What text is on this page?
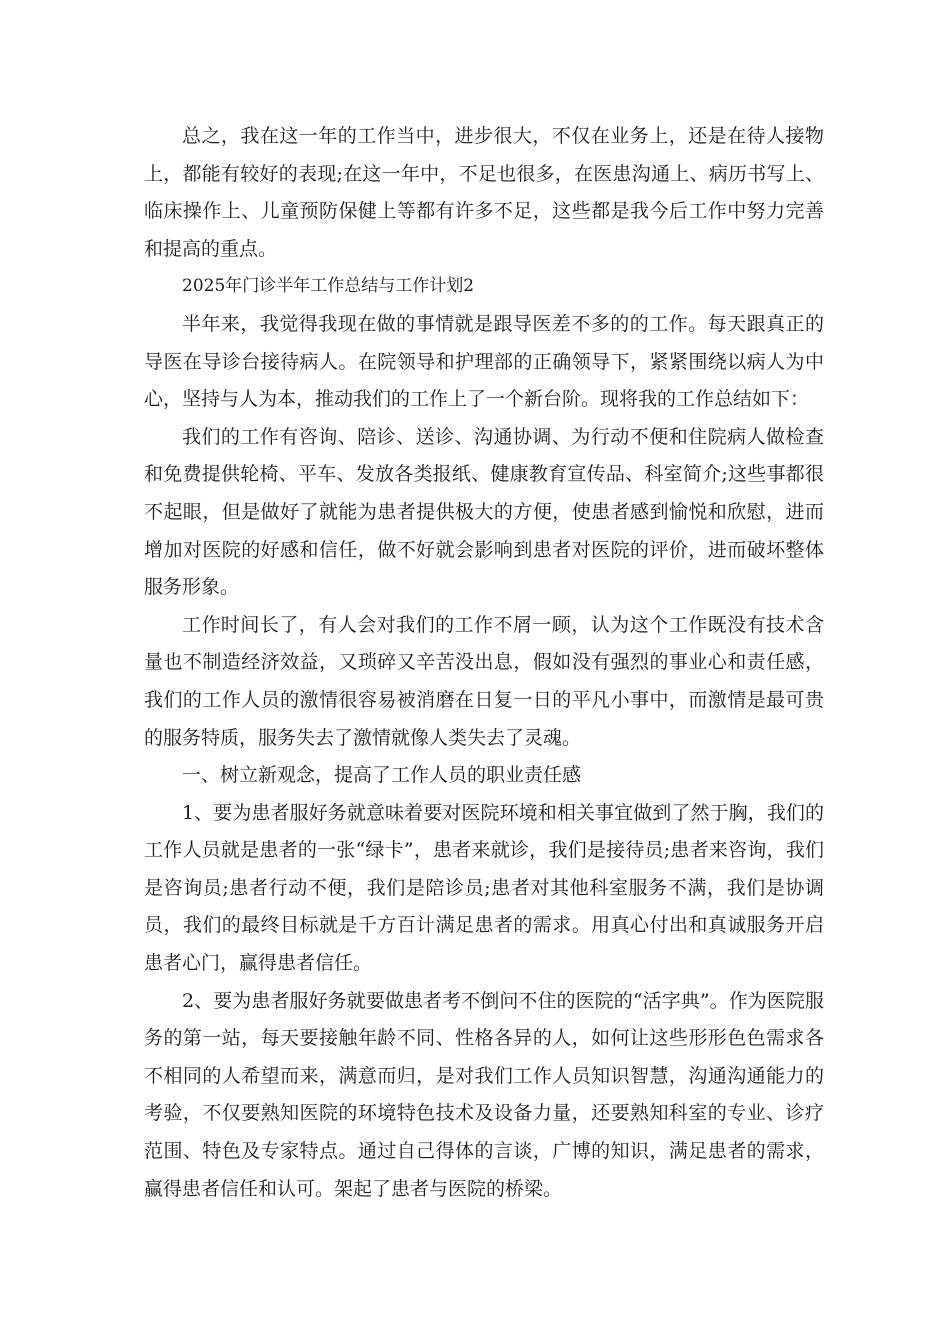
总之，我在这一年的工作当中，进步很大，不仅在业务上，还是在待人接物上，都能有较好的表现;在这一年中，不足也很多，在医患沟通上、病历书写上、临床操作上、儿童预防保健上等都有许多不足，这些都是我今后工作中努力完善和提高的重点。

2025年门诊半年工作总结与工作计划2

半年来，我觉得我现在做的事情就是跟导医差不多的的工作。每天跟真正的导医在导诊台接待病人。在院领导和护理部的正确领导下，紧紧围绕以病人为中心，坚持与人为本，推动我们的工作上了一个新台阶。现将我的工作总结如下：

我们的工作有咨询、陪诊、送诊、沟通协调、为行动不便和住院病人做检查和免费提供轮椅、平车、发放各类报纸、健康教育宣传品、科室简介;这些事都很不起眼，但是做好了就能为患者提供极大的方便，使患者感到愉悦和欣慰，进而增加对医院的好感和信任，做不好就会影响到患者对医院的评价，进而破坏整体服务形象。

工作时间长了，有人会对我们的工作不屑一顾，认为这个工作既没有技术含量也不制造经济效益，又琐碎又辛苦没出息，假如没有强烈的事业心和责任感，我们的工作人员的激情很容易被消磨在日复一日的平凡小事中，而激情是最可贵的服务特质，服务失去了激情就像人类失去了灵魂。

一、树立新观念，提高了工作人员的职业责任感

1、要为患者服好务就意味着要对医院环境和相关事宜做到了然于胸，我们的工作人员就是患者的一张“绿卡”，患者来就诊，我们是接待员;患者来咨询，我们是咨询员;患者行动不便，我们是陪诊员;患者对其他科室服务不满，我们是协调员，我们的最终目标就是千方百计满足患者的需求。用真心付出和真诚服务开启患者心门，赢得患者信任。

2、要为患者服好务就要做患者考不倒问不住的医院的“活字典”。作为医院服务的第一站，每天要接触年龄不同、性格各异的人，如何让这些形形色色需求各不相同的人希望而来，满意而归，是对我们工作人员知识智慧，沟通沟通能力的考验，不仅要熟知医院的环境特色技术及设备力量，还要熟知科室的专业、诊疗范围、特色及专家特点。通过自己得体的言谈，广博的知识，满足患者的需求，赢得患者信任和认可。架起了患者与医院的桥梁。
